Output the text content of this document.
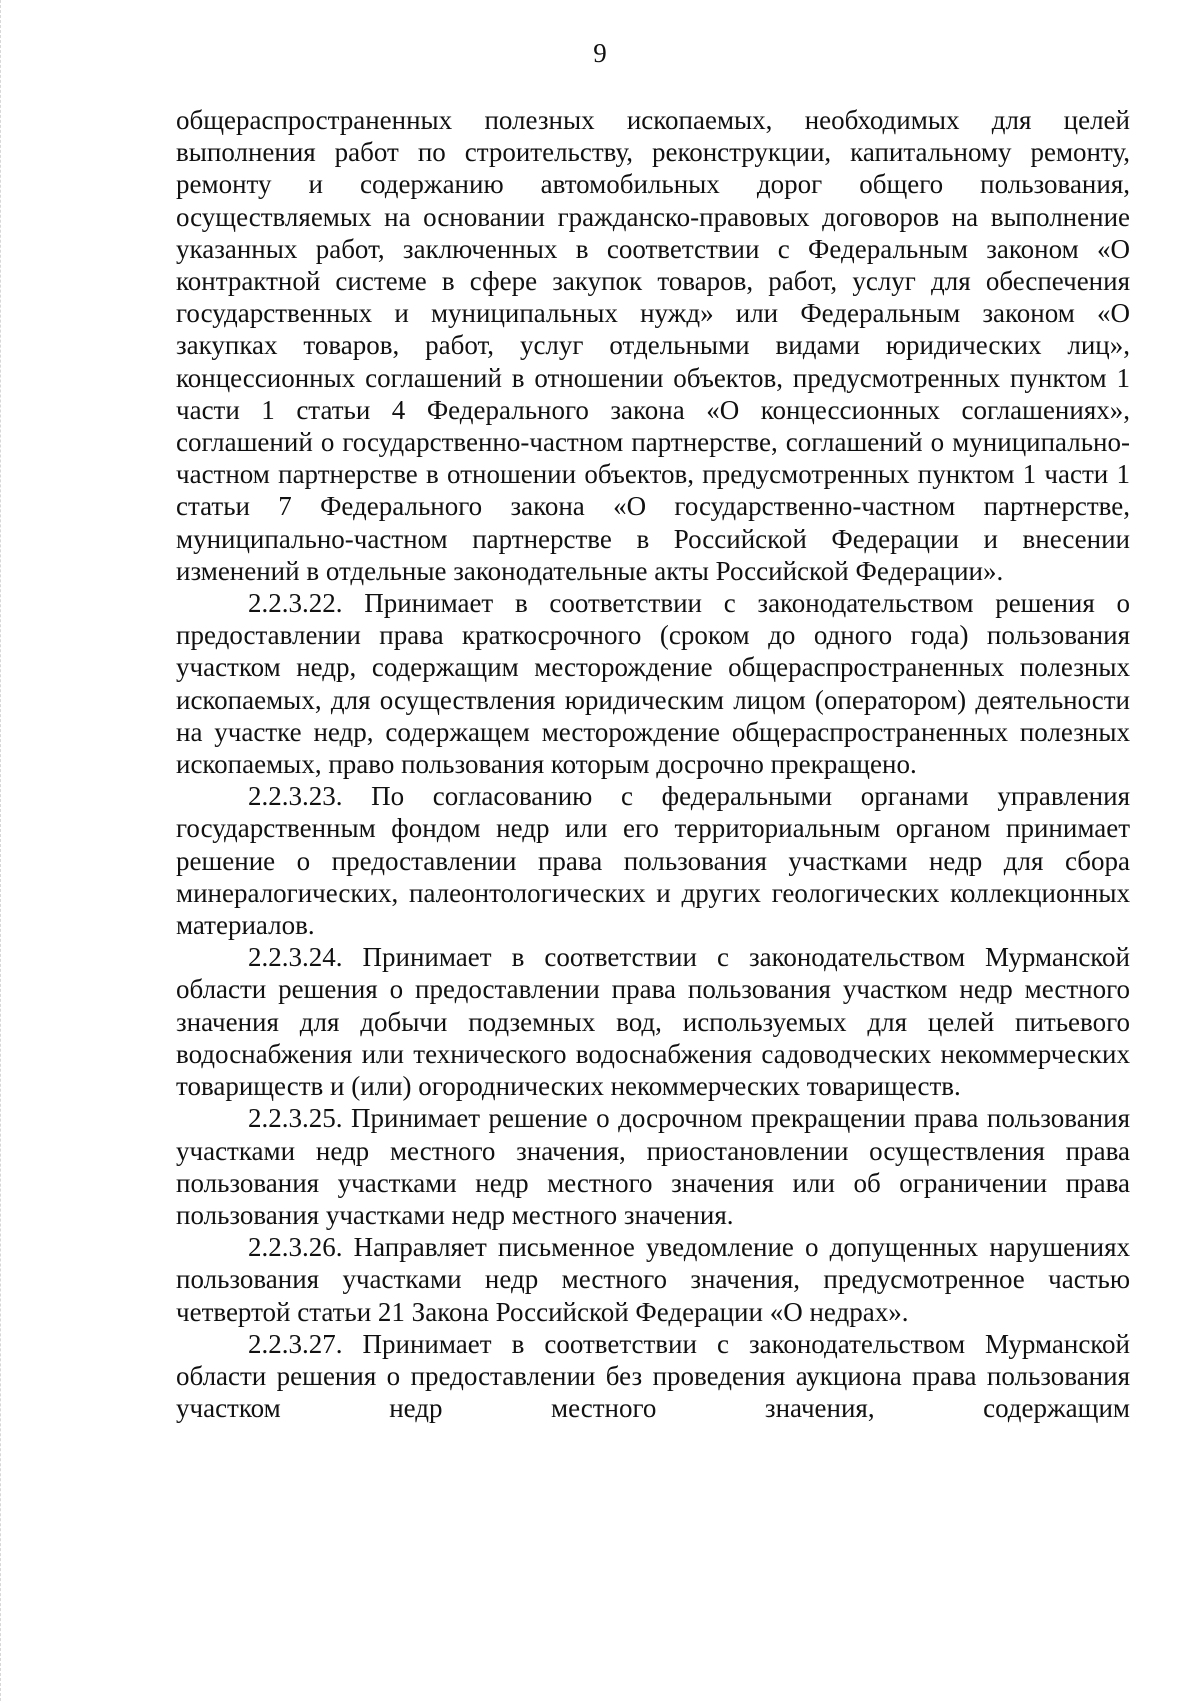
9

общераспространенных полезных ископаемых, необходимых для целей выполнения работ по строительству, реконструкции, капитальному ремонту, ремонту и содержанию автомобильных дорог общего пользования, осуществляемых на основании гражданско-правовых договоров на выполнение указанных работ, заключенных в соответствии с Федеральным законом «О контрактной системе в сфере закупок товаров, работ, услуг для обеспечения государственных и муниципальных нужд» или Федеральным законом «О закупках товаров, работ, услуг отдельными видами юридических лиц», концессионных соглашений в отношении объектов, предусмотренных пунктом 1 части 1 статьи 4 Федерального закона «О концессионных соглашениях», соглашений о государственно-частном партнерстве, соглашений о муниципально-частном партнерстве в отношении объектов, предусмотренных пунктом 1 части 1 статьи 7 Федерального закона «О государственно-частном партнерстве, муниципально-частном партнерстве в Российской Федерации и внесении изменений в отдельные законодательные акты Российской Федерации».

2.2.3.22. Принимает в соответствии с законодательством решения о предоставлении права краткосрочного (сроком до одного года) пользования участком недр, содержащим месторождение общераспространенных полезных ископаемых, для осуществления юридическим лицом (оператором) деятельности на участке недр, содержащем месторождение общераспространенных полезных ископаемых, право пользования которым досрочно прекращено.

2.2.3.23. По согласованию с федеральными органами управления государственным фондом недр или его территориальным органом принимает решение о предоставлении права пользования участками недр для сбора минералогических, палеонтологических и других геологических коллекционных материалов.

2.2.3.24. Принимает в соответствии с законодательством Мурманской области решения о предоставлении права пользования участком недр местного значения для добычи подземных вод, используемых для целей питьевого водоснабжения или технического водоснабжения садоводческих некоммерческих товариществ и (или) огороднических некоммерческих товариществ.

2.2.3.25. Принимает решение о досрочном прекращении права пользования участками недр местного значения, приостановлении осуществления права пользования участками недр местного значения или об ограничении права пользования участками недр местного значения.

2.2.3.26. Направляет письменное уведомление о допущенных нарушениях пользования участками недр местного значения, предусмотренное частью четвертой статьи 21 Закона Российской Федерации «О недрах».

2.2.3.27. Принимает в соответствии с законодательством Мурманской области решения о предоставлении без проведения аукциона права пользования участком недр местного значения, содержащим
